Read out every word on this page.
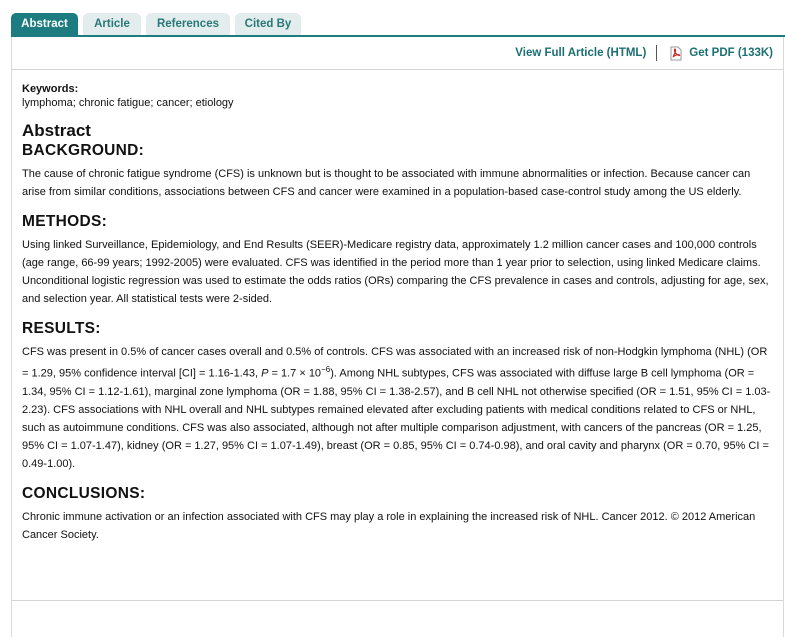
Abstract	Article	References	Cited By
View Full Article (HTML)	Get PDF (133K)
Keywords:
lymphoma; chronic fatigue; cancer; etiology
Abstract
BACKGROUND:

The cause of chronic fatigue syndrome (CFS) is unknown but is thought to be associated with immune abnormalities or infection. Because cancer can arise from similar conditions, associations between CFS and cancer were examined in a population-based case-control study among the US elderly.

METHODS:

Using linked Surveillance, Epidemiology, and End Results (SEER)-Medicare registry data, approximately 1.2 million cancer cases and 100,000 controls (age range, 66-99 years; 1992-2005) were evaluated. CFS was identified in the period more than 1 year prior to selection, using linked Medicare claims. Unconditional logistic regression was used to estimate the odds ratios (ORs) comparing the CFS prevalence in cases and controls, adjusting for age, sex, and selection year. All statistical tests were 2-sided.

RESULTS:

CFS was present in 0.5% of cancer cases overall and 0.5% of controls. CFS was associated with an increased risk of non-Hodgkin lymphoma (NHL) (OR = 1.29, 95% confidence interval [CI] = 1.16-1.43, $P = 1.7 \times 10^{-6}$). Among NHL subtypes, CFS was associated with diffuse large B cell lymphoma (OR = 1.34, 95% CI = 1.12-1.61), marginal zone lymphoma (OR = 1.88, 95% CI = 1.38-2.57), and B cell NHL not otherwise specified (OR = 1.51, 95% CI = 1.03-2.23). CFS associations with NHL overall and NHL subtypes remained elevated after excluding patients with medical conditions related to CFS or NHL, such as autoimmune conditions. CFS was also associated, although not after multiple comparison adjustment, with cancers of the pancreas (OR = 1.25, 95% CI = 1.07-1.47), kidney (OR = 1.27, 95% CI = 1.07-1.49), breast (OR = 0.85, 95% CI = 0.74-0.98), and oral cavity and pharynx (OR = 0.70, 95% CI = 0.49-1.00).

CONCLUSIONS:

Chronic immune activation or an infection associated with CFS may play a role in explaining the increased risk of NHL. Cancer 2012. © 2012 American Cancer Society.
